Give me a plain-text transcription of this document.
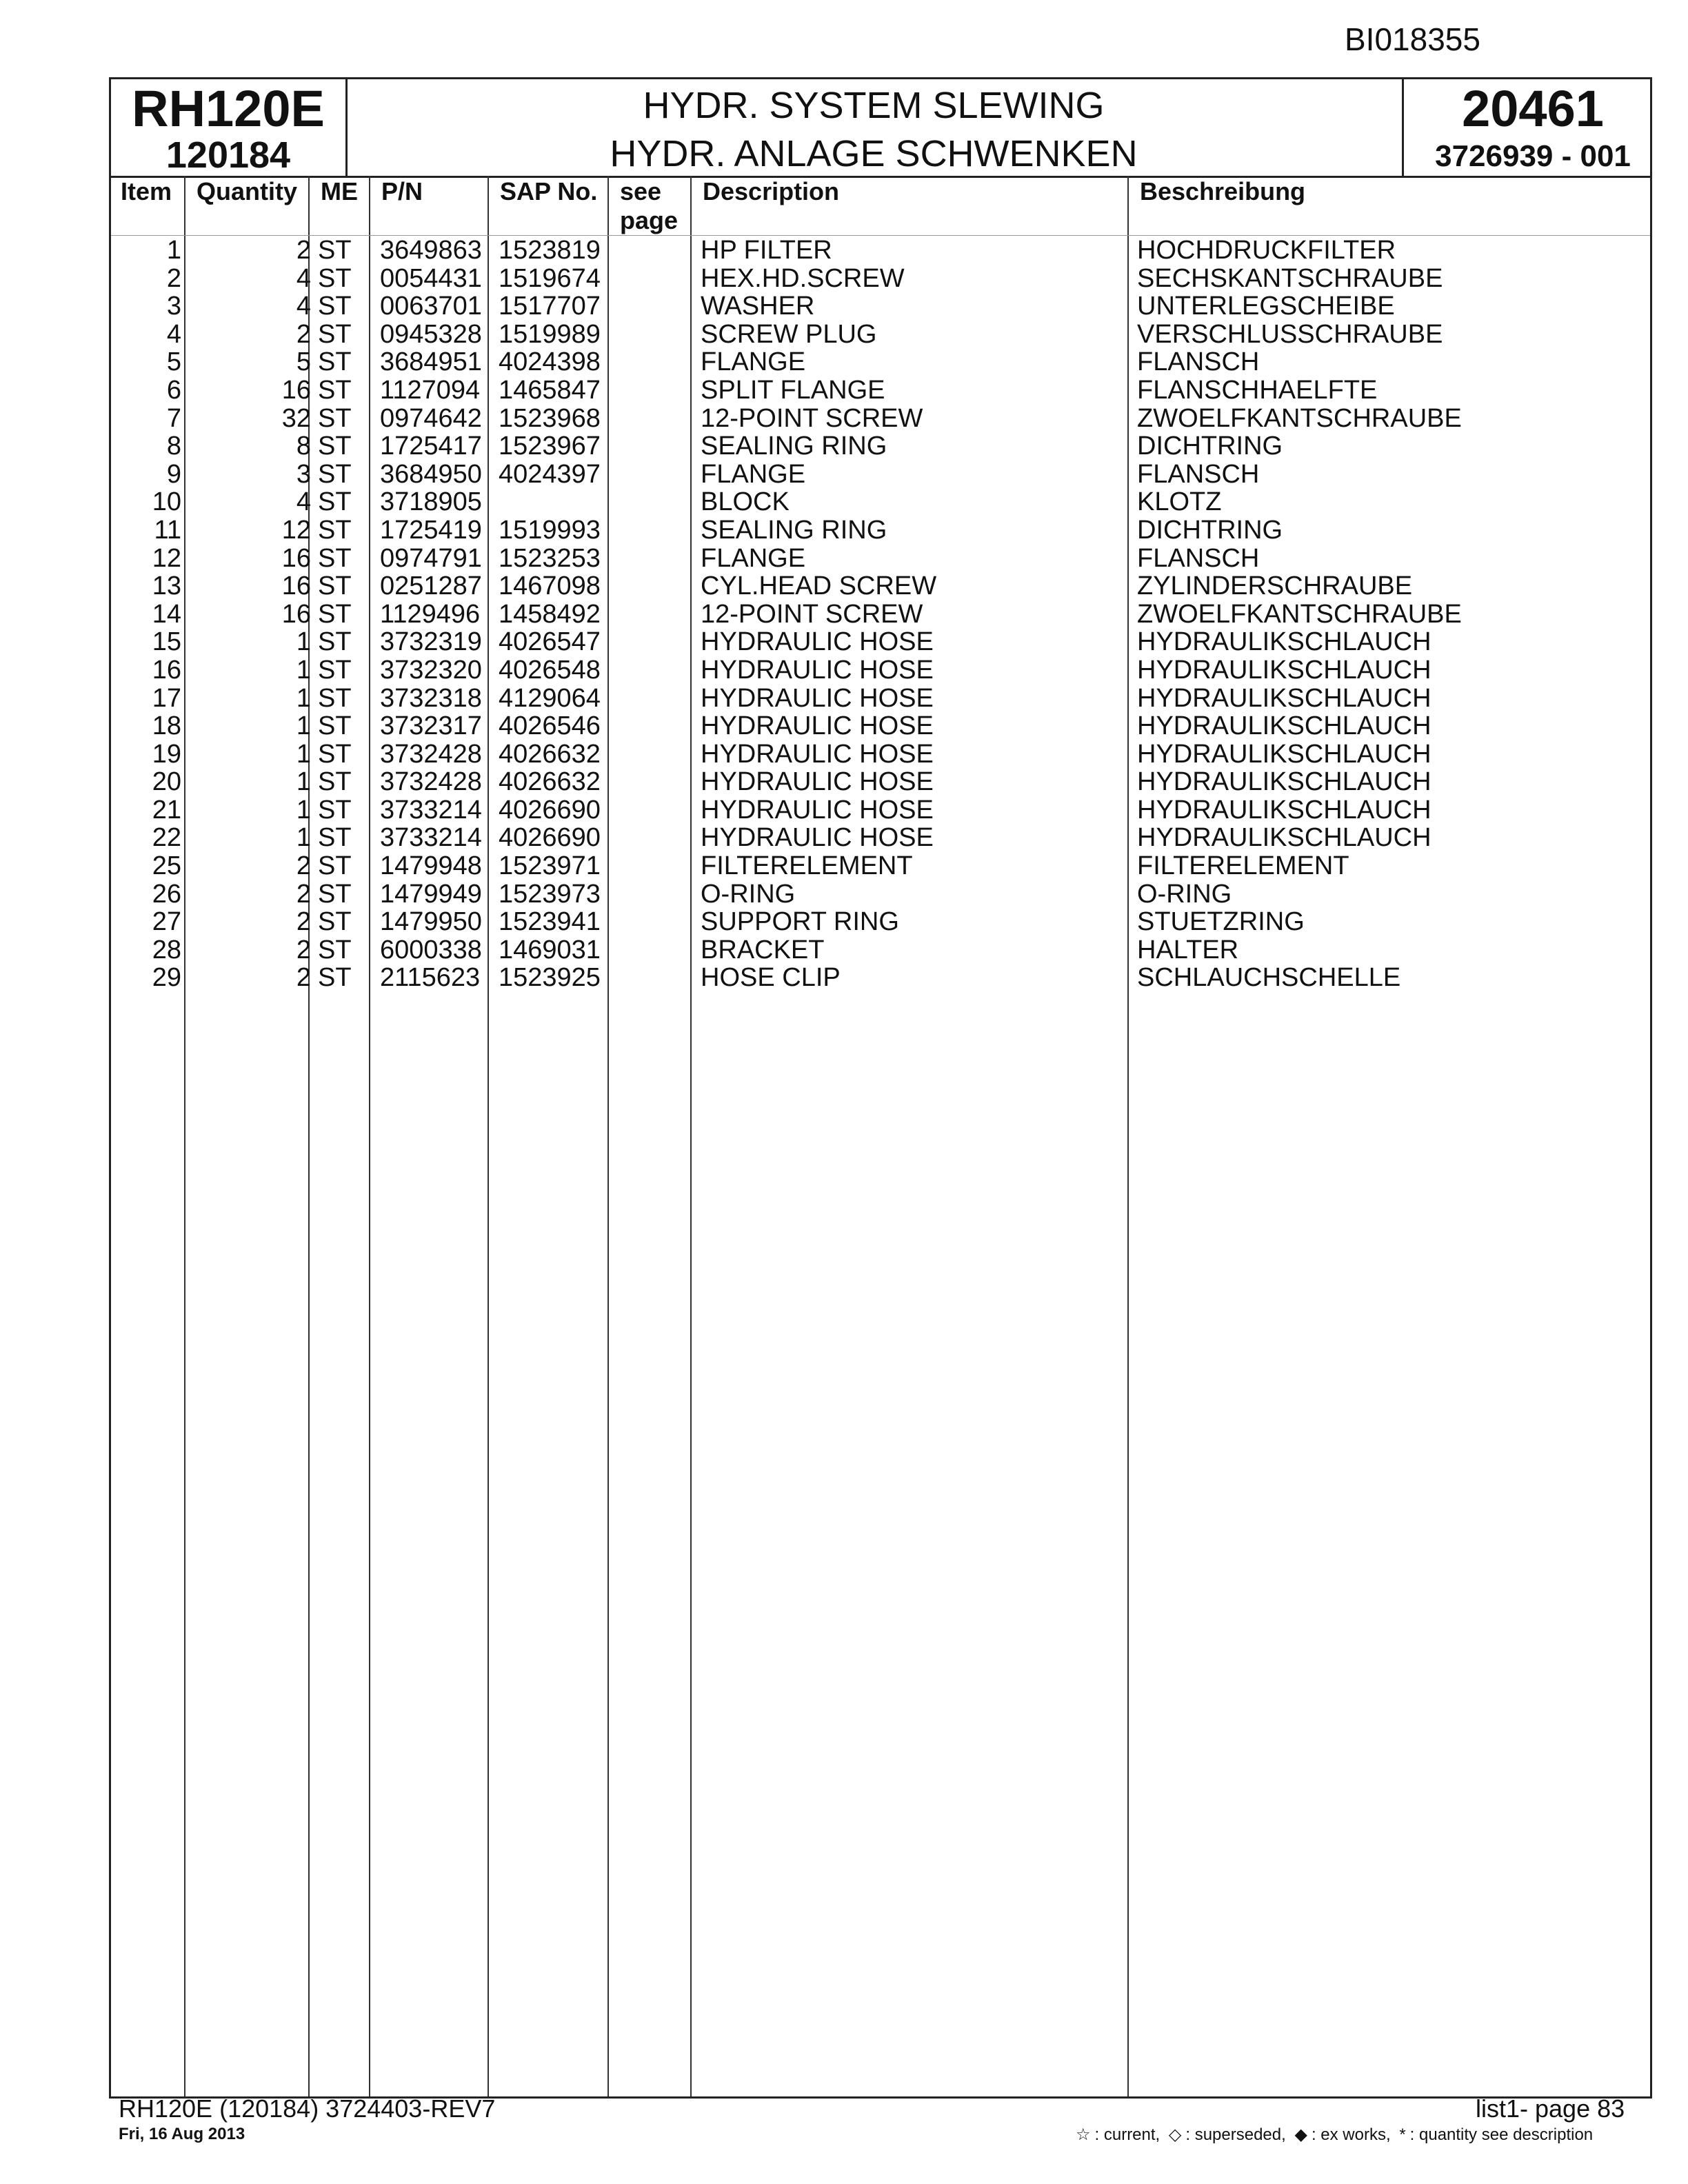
BI018355
RH120E
120184
HYDR. SYSTEM SLEWING
HYDR. ANLAGE SCHWENKEN
20461
3726939 - 001
Item Quantity ME P/N	SAP No. see
page
Description	Beschreibung
1	2 ST 3649863 1523819	HP FILTER	HOCHDRUCKFILTER
2	4 ST 0054431 1519674	HEX.HD.SCREW	SECHSKANTSCHRAUBE
3	4 ST 0063701 1517707	WASHER	UNTERLEGSCHEIBE
4	2 ST 0945328 1519989	SCREW PLUG	VERSCHLUSSCHRAUBE
5	5 ST 3684951 4024398	FLANGE	FLANSCH
6	16 ST 1127094 1465847	SPLIT FLANGE	FLANSCHHAELFTE
7	32 ST 0974642 1523968	12-POINT SCREW	ZWOELFKANTSCHRAUBE
8	8 ST 1725417 1523967	SEALING RING	DICHTRING
9	3 ST 3684950 4024397	FLANGE	FLANSCH
10	4 ST 3718905	BLOCK	KLOTZ
11	12 ST 1725419 1519993	SEALING RING	DICHTRING
12	16 ST 0974791 1523253	FLANGE	FLANSCH
13	16 ST 0251287 1467098	CYL.HEAD SCREW	ZYLINDERSCHRAUBE
14	16 ST 1129496 1458492	12-POINT SCREW	ZWOELFKANTSCHRAUBE
15	1 ST 3732319 4026547	HYDRAULIC HOSE	HYDRAULIKSCHLAUCH
16	1 ST 3732320 4026548	HYDRAULIC HOSE	HYDRAULIKSCHLAUCH
17	1 ST 3732318 4129064	HYDRAULIC HOSE	HYDRAULIKSCHLAUCH
18	1 ST 3732317 4026546	HYDRAULIC HOSE	HYDRAULIKSCHLAUCH
19	1 ST 3732428 4026632	HYDRAULIC HOSE	HYDRAULIKSCHLAUCH
20	1 ST 3732428 4026632	HYDRAULIC HOSE	HYDRAULIKSCHLAUCH
21	1 ST 3733214 4026690	HYDRAULIC HOSE	HYDRAULIKSCHLAUCH
22	1 ST 3733214 4026690	HYDRAULIC HOSE	HYDRAULIKSCHLAUCH
25	2 ST 1479948 1523971	FILTERELEMENT	FILTERELEMENT
26	2 ST 1479949 1523973	O-RING	O-RING
27	2 ST 1479950 1523941	SUPPORT RING	STUETZRING
28	2 ST 6000338 1469031	BRACKET	HALTER
29	2 ST 2115623 1523925	HOSE CLIP	SCHLAUCHSCHELLE
RH120E (120184) 3724403-REV7
Fri, 16 Aug 2013
list1- page 83
☆ : current, ◇ : superseded, ◆ : ex works, * : quantity see description
